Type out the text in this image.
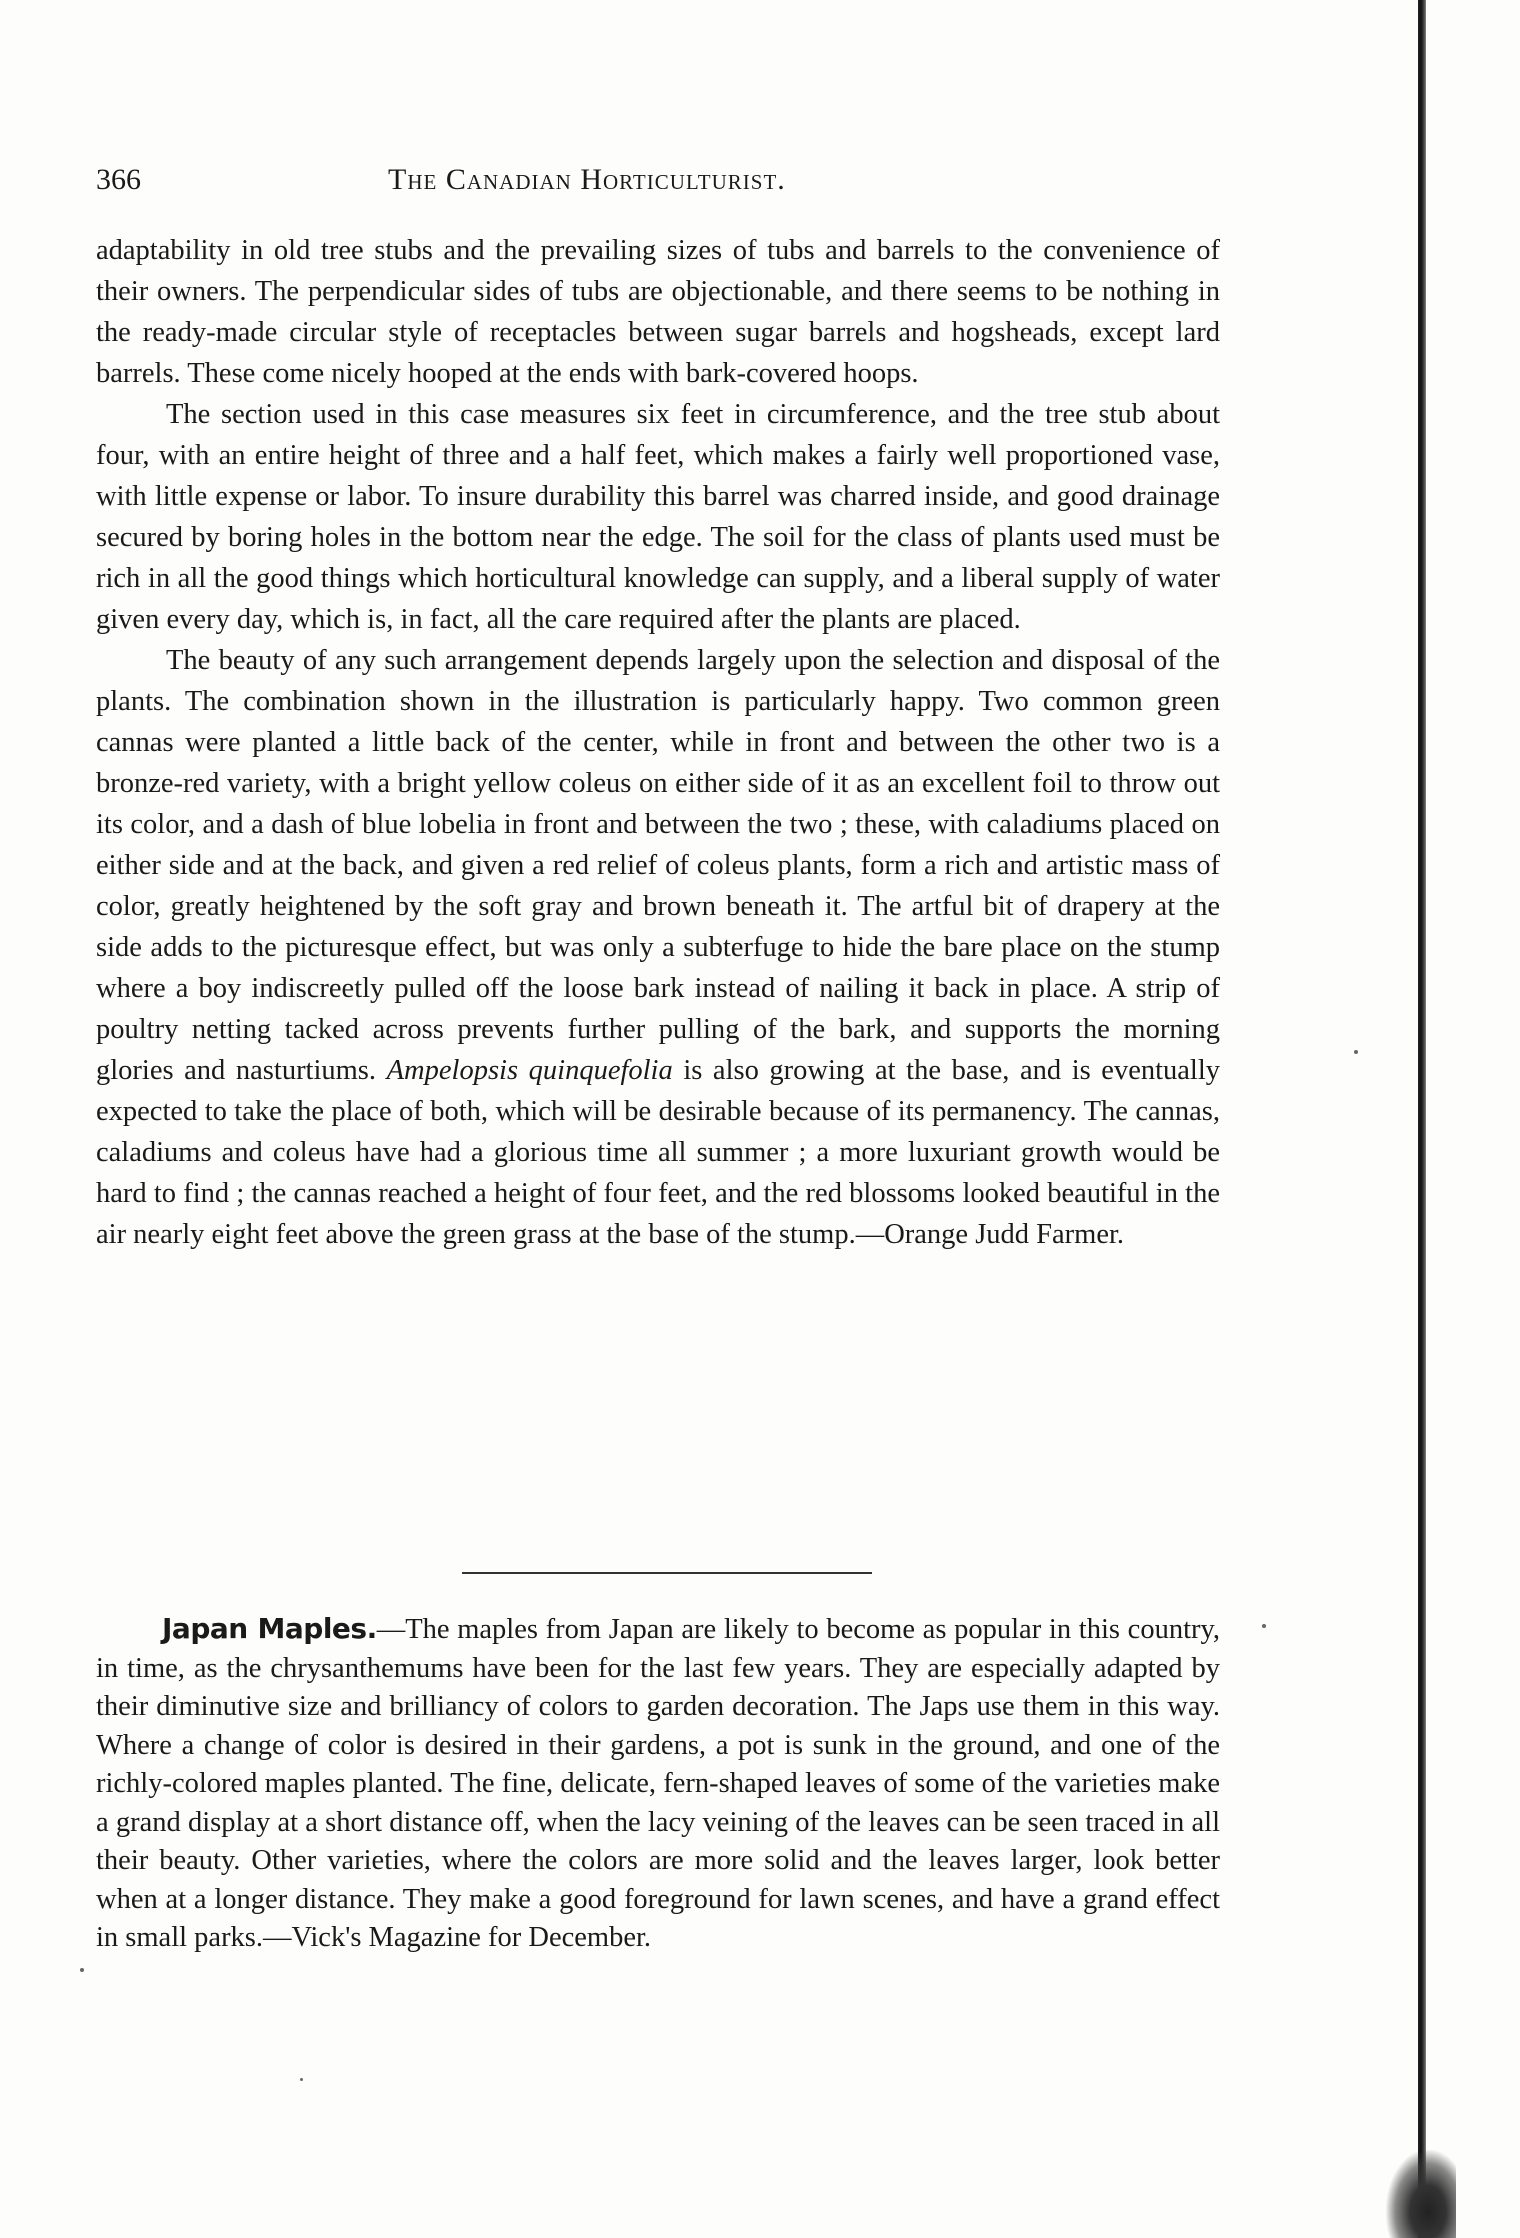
366	The Canadian Horticulturist.

adaptability in old tree stubs and the prevailing sizes of tubs and barrels to the convenience of their owners. The perpendicular sides of tubs are objectionable, and there seems to be nothing in the ready-made circular style of receptacles between sugar barrels and hogsheads, except lard barrels. These come nicely hooped at the ends with bark-covered hoops.

The section used in this case measures six feet in circumference, and the tree stub about four, with an entire height of three and a half feet, which makes a fairly well proportioned vase, with little expense or labor. To insure durability this barrel was charred inside, and good drainage secured by boring holes in the bottom near the edge. The soil for the class of plants used must be rich in all the good things which horticultural knowledge can supply, and a liberal supply of water given every day, which is, in fact, all the care required after the plants are placed.

The beauty of any such arrangement depends largely upon the selection and disposal of the plants. The combination shown in the illustration is particularly happy. Two common green cannas were planted a little back of the center, while in front and between the other two is a bronze-red variety, with a bright yellow coleus on either side of it as an excellent foil to throw out its color, and a dash of blue lobelia in front and between the two ; these, with caladiums placed on either side and at the back, and given a red relief of coleus plants, form a rich and artistic mass of color, greatly heightened by the soft gray and brown beneath it. The artful bit of drapery at the side adds to the picturesque effect, but was only a subterfuge to hide the bare place on the stump where a boy indiscreetly pulled off the loose bark instead of nailing it back in place. A strip of poultry netting tacked across prevents further pulling of the bark, and supports the morning glories and nasturtiums. Ampelopsis quinquefolia is also growing at the base, and is eventually expected to take the place of both, which will be desirable because of its permanency. The cannas, caladiums and coleus have had a glorious time all summer ; a more luxuriant growth would be hard to find ; the cannas reached a height of four feet, and the red blossoms looked beautiful in the air nearly eight feet above the green grass at the base of the stump.—Orange Judd Farmer.

Japan Maples.—The maples from Japan are likely to become as popular in this country, in time, as the chrysanthemums have been for the last few years. They are especially adapted by their diminutive size and brilliancy of colors to garden decoration. The Japs use them in this way. Where a change of color is desired in their gardens, a pot is sunk in the ground, and one of the richly-colored maples planted. The fine, delicate, fern-shaped leaves of some of the varieties make a grand display at a short distance off, when the lacy veining of the leaves can be seen traced in all their beauty. Other varieties, where the colors are more solid and the leaves larger, look better when at a longer distance. They make a good foreground for lawn scenes, and have a grand effect in small parks.—Vick's Magazine for December.
